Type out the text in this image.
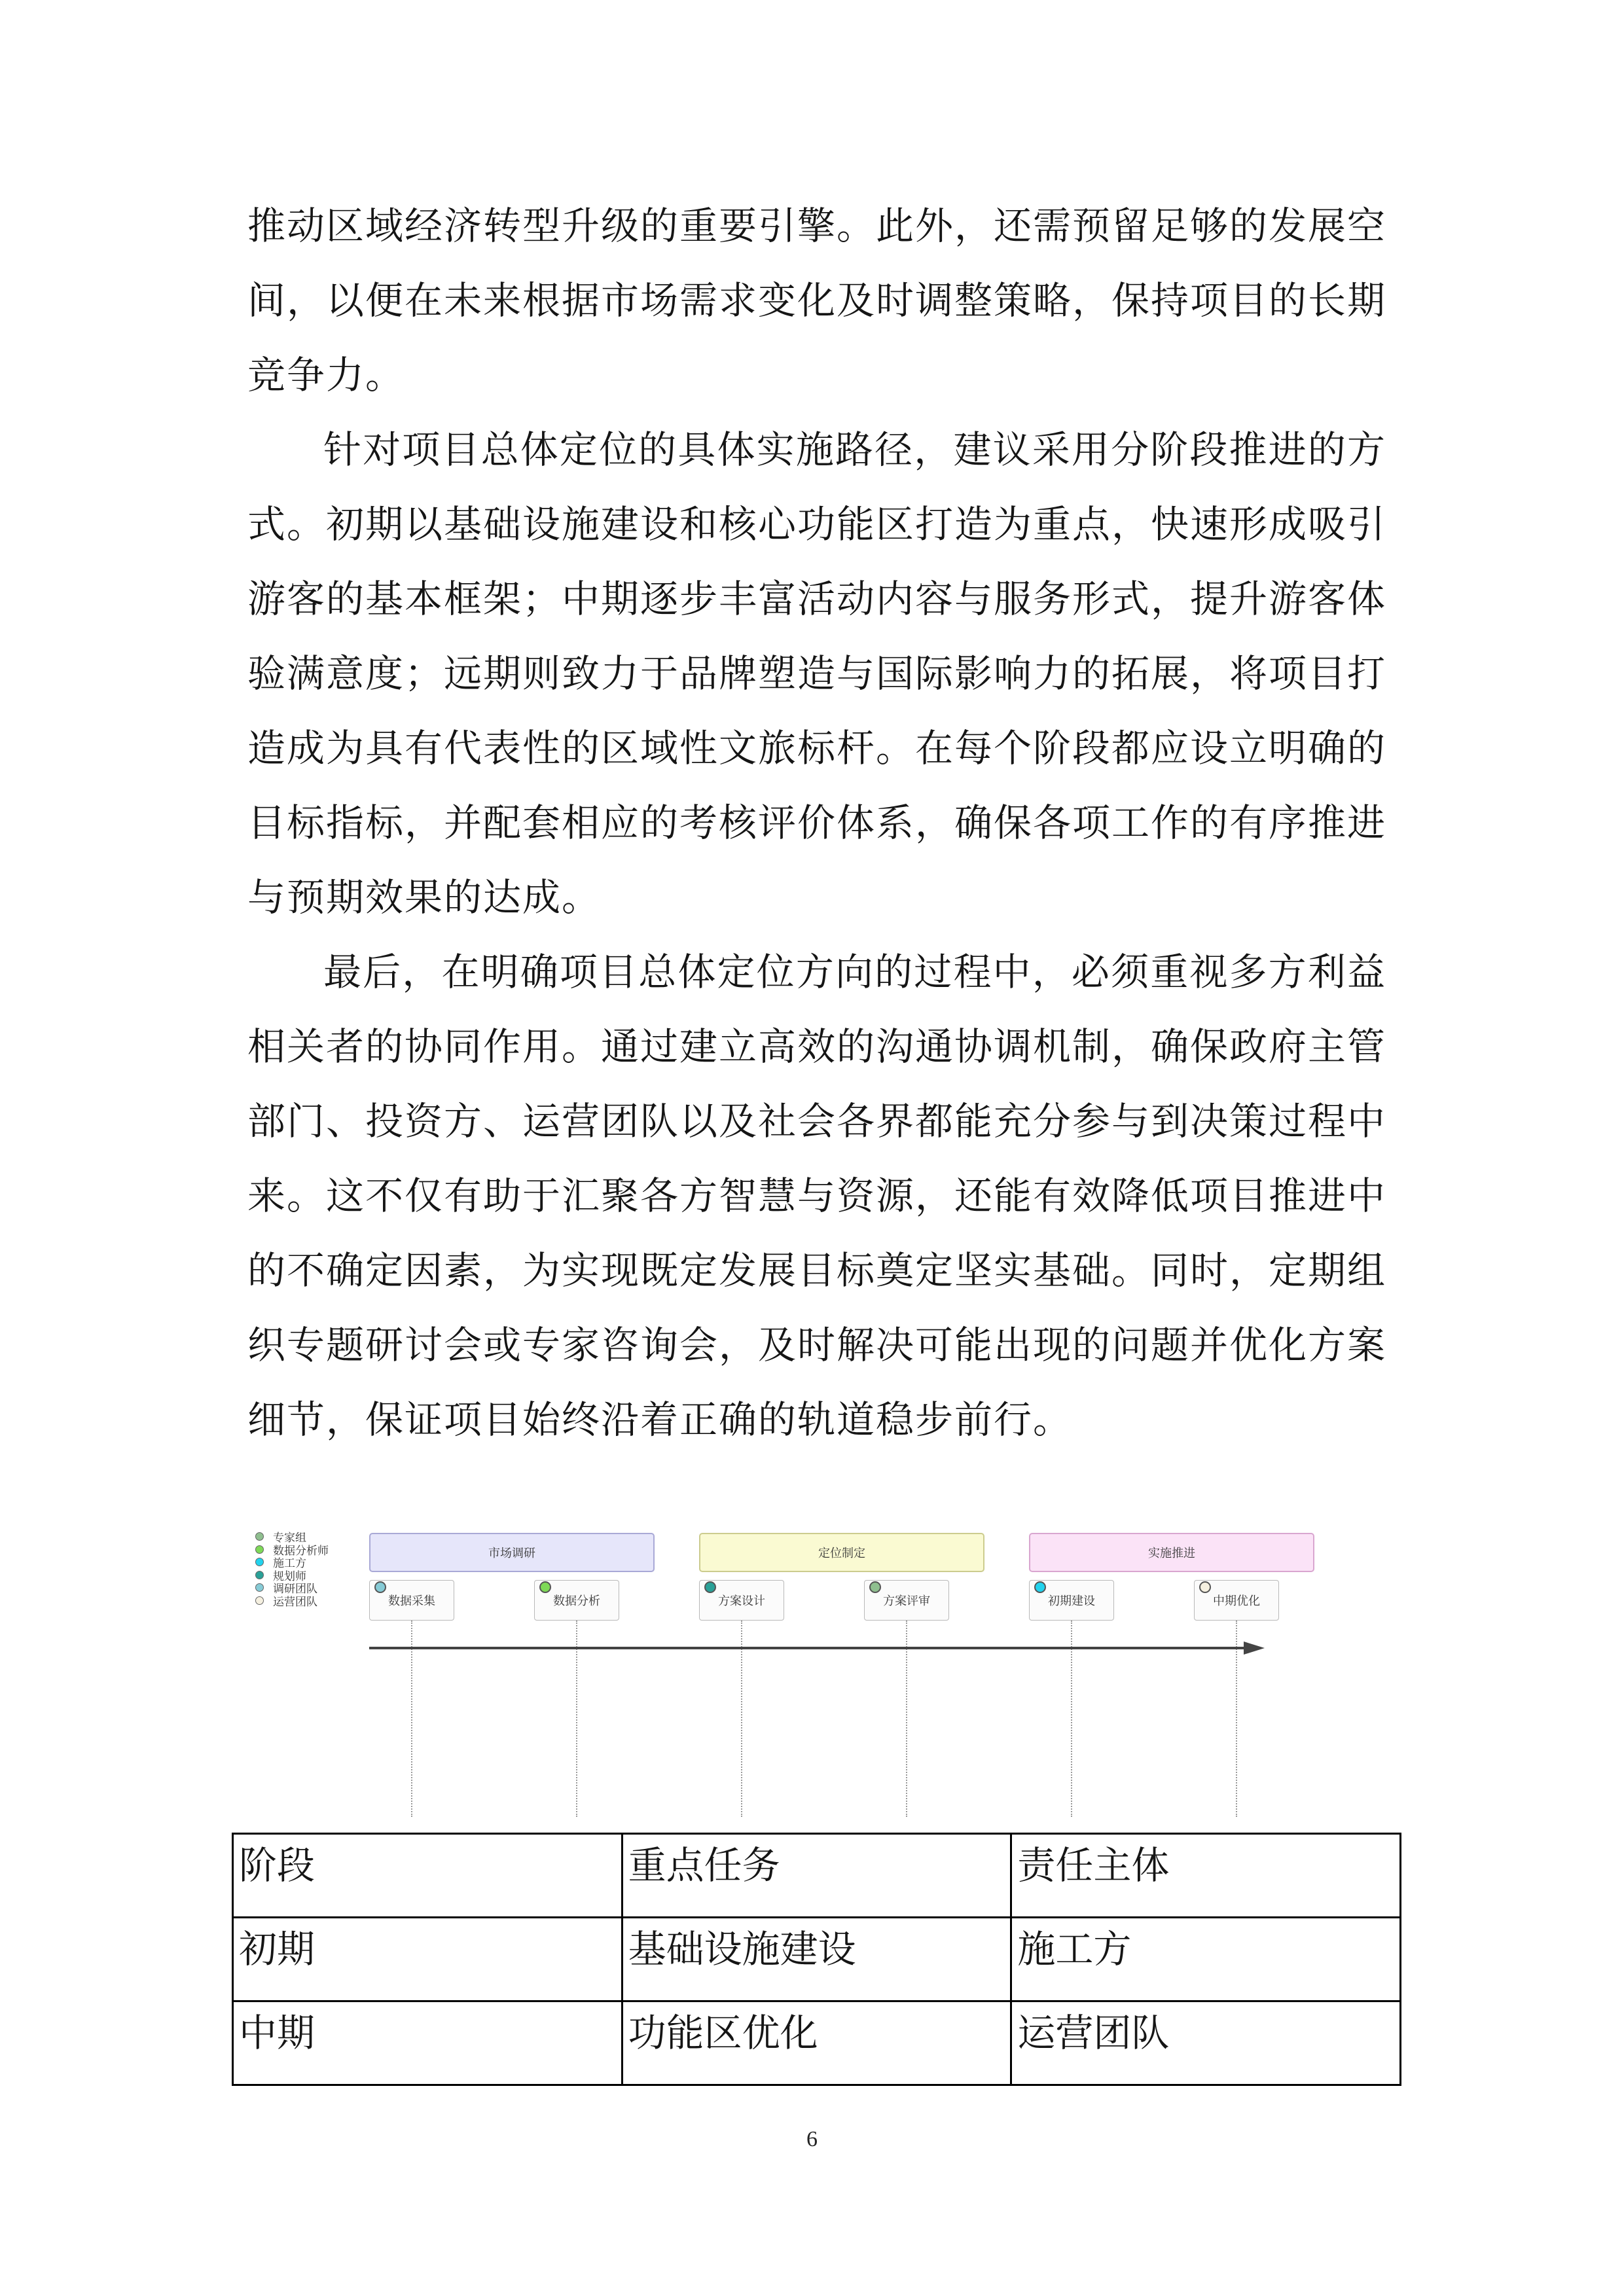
推动区域经济转型升级的重要引擎。此外，还需预留足够的发展空间，以便在未来根据市场需求变化及时调整策略，保持项目的长期竞争力。

针对项目总体定位的具体实施路径，建议采用分阶段推进的方式。初期以基础设施建设和核心功能区打造为重点，快速形成吸引游客的基本框架；中期逐步丰富活动内容与服务形式，提升游客体验满意度；远期则致力于品牌塑造与国际影响力的拓展，将项目打造成为具有代表性的区域性文旅标杆。在每个阶段都应设立明确的目标指标，并配套相应的考核评价体系，确保各项工作的有序推进与预期效果的达成。

最后，在明确项目总体定位方向的过程中，必须重视多方利益相关者的协同作用。通过建立高效的沟通协调机制，确保政府主管部门、投资方、运营团队以及社会各界都能充分参与到决策过程中来。这不仅有助于汇聚各方智慧与资源，还能有效降低项目推进中的不确定因素，为实现既定发展目标奠定坚实基础。同时，定期组织专题研讨会或专家咨询会，及时解决可能出现的问题并优化方案细节，保证项目始终沿着正确的轨道稳步前行。

专家组
数据分析师
施工方
规划师
调研团队
运营团队
市场调研	定位制定	实施推进
数据采集	数据分析	方案设计	方案评审	初期建设	中期优化
阶段	重点任务	责任主体
初期	基础设施建设	施工方
中期	功能区优化	运营团队
6
